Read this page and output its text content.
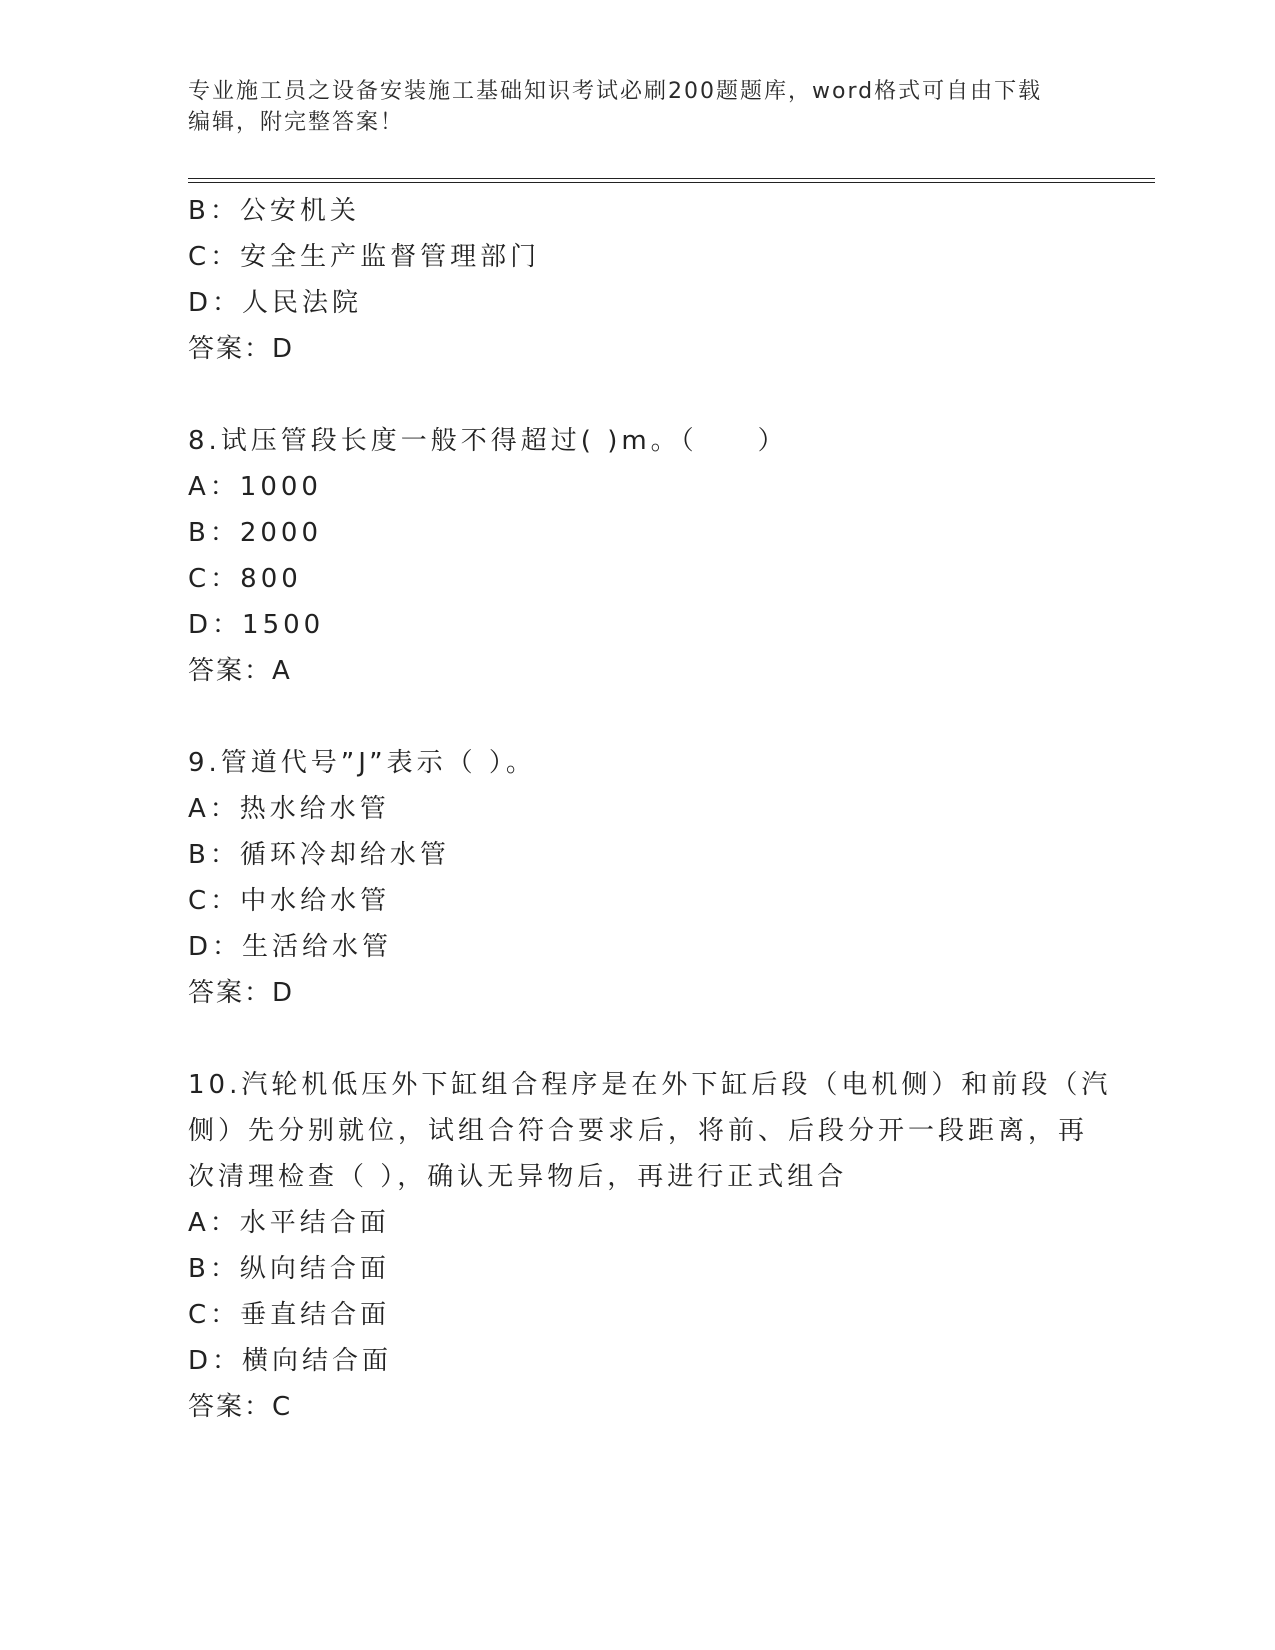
专业施工员之设备安装施工基础知识考试必刷200题题库，word格式可自由下载
编辑，附完整答案！
B：公安机关
C：安全生产监督管理部门
D：人民法院
答案：D
8.试压管段长度一般不得超过( )m。（　　）
A：1000
B：2000
C：800
D：1500
答案：A
9.管道代号”J”表示（ ）。
A：热水给水管
B：循环冷却给水管
C：中水给水管
D：生活给水管
答案：D
10.汽轮机低压外下缸组合程序是在外下缸后段（电机侧）和前段（汽
侧）先分别就位，试组合符合要求后，将前、后段分开一段距离，再
次清理检查（ ），确认无异物后，再进行正式组合
A：水平结合面
B：纵向结合面
C：垂直结合面
D：横向结合面
答案：C
